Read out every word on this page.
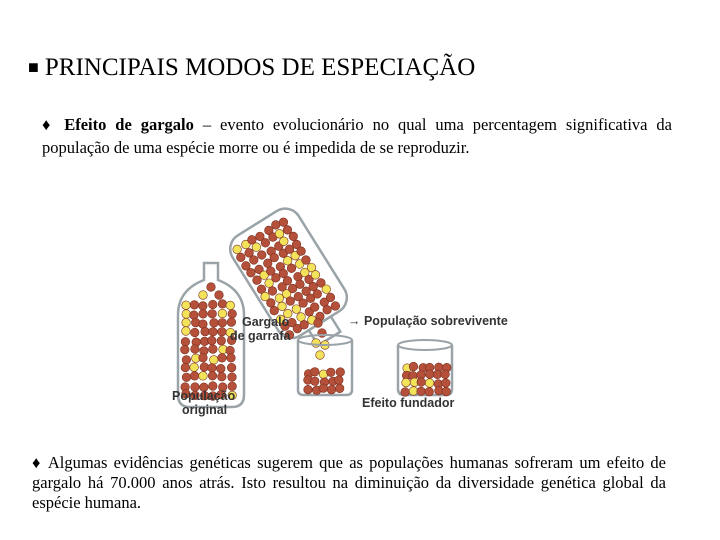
■ PRINCIPAIS MODOS DE ESPECIAÇÃO
♦ Efeito de gargalo – evento evolucionário no qual uma percentagem significativa da população de uma espécie morre ou é impedida de se reproduzir.
Gargalo
de garrafa
→ População sobrevivente
População
original	Efeito fundador
♦ Algumas evidências genéticas sugerem que as populações humanas sofreram um efeito de gargalo há 70.000 anos atrás. Isto resultou na diminuição da diversidade genética global da espécie humana.
